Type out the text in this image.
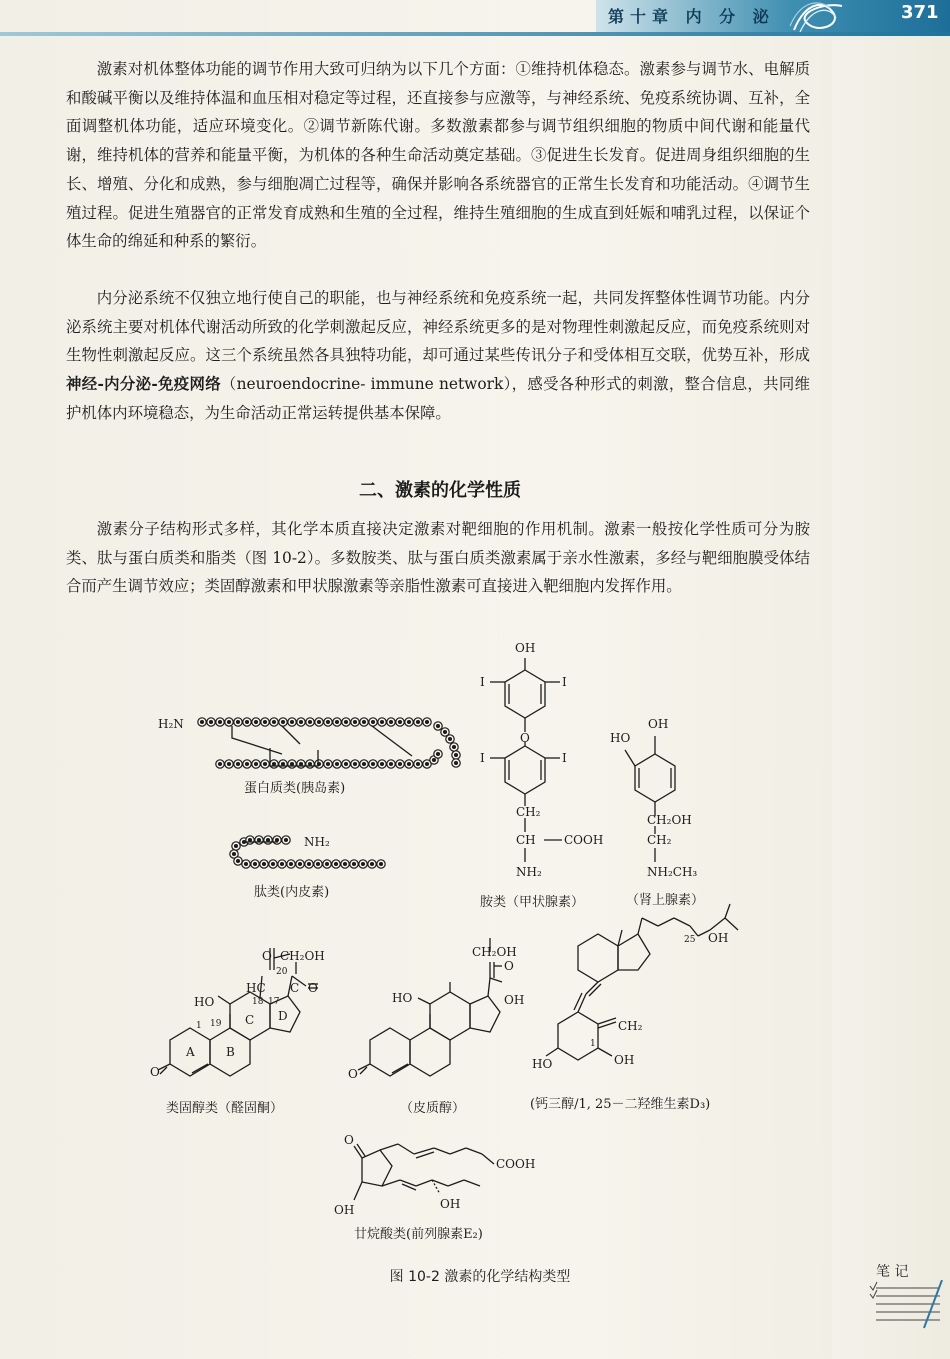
第十章 内 分 泌	371

激素对机体整体功能的调节作用大致可归纳为以下几个方面：①维持机体稳态。激素参与调节水、电解质和酸碱平衡以及维持体温和血压相对稳定等过程，还直接参与应激等，与神经系统、免疫系统协调、互补，全面调整机体功能，适应环境变化。②调节新陈代谢。多数激素都参与调节组织细胞的物质中间代谢和能量代谢，维持机体的营养和能量平衡，为机体的各种生命活动奠定基础。③促进生长发育。促进周身组织细胞的生长、增殖、分化和成熟，参与细胞凋亡过程等，确保并影响各系统器官的正常生长发育和功能活动。④调节生殖过程。促进生殖器官的正常发育成熟和生殖的全过程，维持生殖细胞的生成直到妊娠和哺乳过程，以保证个体生命的绵延和种系的繁衍。

内分泌系统不仅独立地行使自己的职能，也与神经系统和免疫系统一起，共同发挥整体性调节功能。内分泌系统主要对机体代谢活动所致的化学刺激起反应，神经系统更多的是对物理性刺激起反应，而免疫系统则对生物性刺激起反应。这三个系统虽然各具独特功能，却可通过某些传讯分子和受体相互交联，优势互补，形成神经-内分泌-免疫网络（neuroendocrine- immune network），感受各种形式的刺激，整合信息，共同维护机体内环境稳态，为生命活动正常运转提供基本保障。

二、激素的化学性质

激素分子结构形式多样，其化学本质直接决定激素对靶细胞的作用机制。激素一般按化学性质可分为胺类、肽与蛋白质类和脂类（图 10-2）。多数胺类、肽与蛋白质类激素属于亲水性激素，多经与靶细胞膜受体结合而产生调节效应；类固醇激素和甲状腺激素等亲脂性激素可直接进入靶细胞内发挥作用。

H₂N
蛋白质类(胰岛素)
NH₂
肽类(内皮素)
OH
I	I
O
I	I
CH₂
CH COOH
NH₂
胺类（甲状腺素）
OH
HO
CH₂OH
CH₂
NH₂CH₃
（肾上腺素）
O CH₂OH
20
HC C O
18 17
HO
19
1	C D
A	B
O
类固醇类（醛固酮）
CH₂OH
O
HO	OH
O
（皮质醇）
25 OH
CH₂
1
OH
HO
(钙三醇/1, 25－二羟维生素D₃)
O
COOH
OH
OH
廿烷酸类(前列腺素E₂)
图 10-2 激素的化学结构类型	笔 记
